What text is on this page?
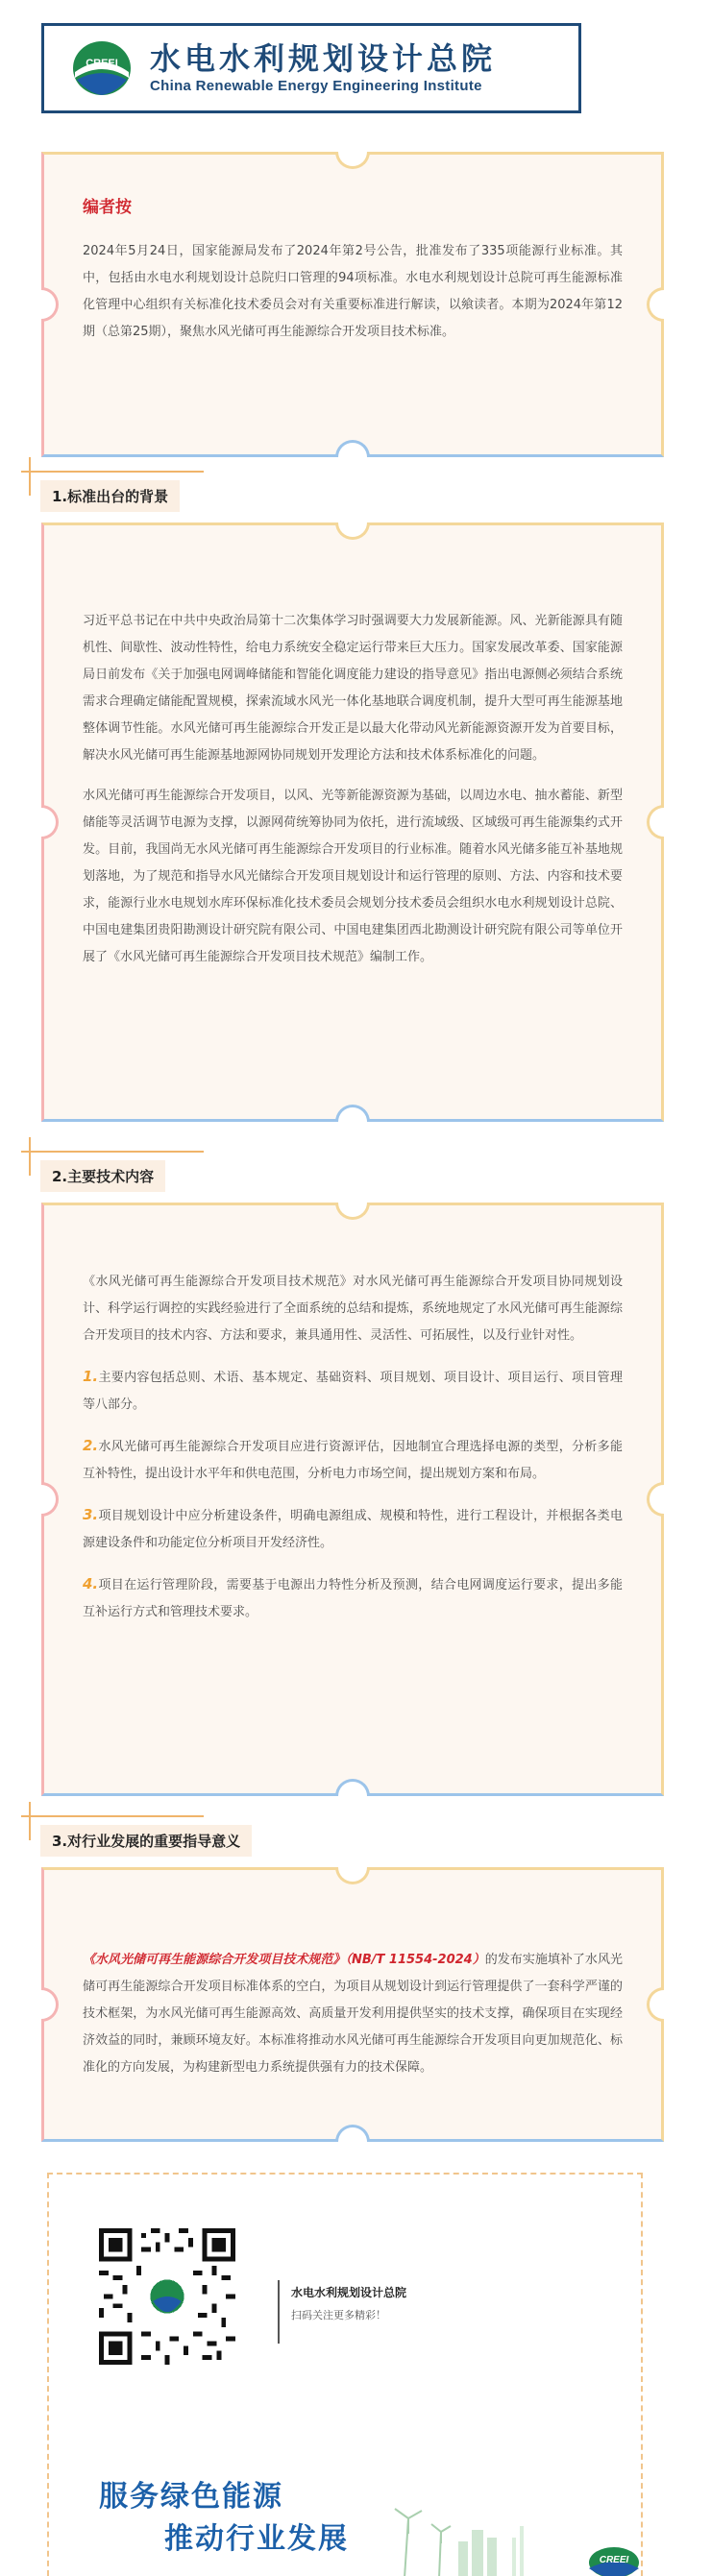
CREEI 水电水利规划设计总院
China Renewable Energy Engineering Institute
编者按

2024年5月24日，国家能源局发布了2024年第2号公告，批准发布了335项能源行业标准。其中，包括由水电水利规划设计总院归口管理的94项标准。水电水利规划设计总院可再生能源标准化管理中心组织有关标准化技术委员会对有关重要标准进行解读，以飨读者。本期为2024年第12期（总第25期），聚焦水风光储可再生能源综合开发项目技术标准。

1.标准出台的背景

习近平总书记在中共中央政治局第十二次集体学习时强调要大力发展新能源。风、光新能源具有随机性、间歇性、波动性特性，给电力系统安全稳定运行带来巨大压力。国家发展改革委、国家能源局日前发布《关于加强电网调峰储能和智能化调度能力建设的指导意见》指出电源侧必须结合系统需求合理确定储能配置规模，探索流域水风光一体化基地联合调度机制，提升大型可再生能源基地整体调节性能。水风光储可再生能源综合开发正是以最大化带动风光新能源资源开发为首要目标，解决水风光储可再生能源基地源网协同规划开发理论方法和技术体系标准化的问题。

水风光储可再生能源综合开发项目，以风、光等新能源资源为基础，以周边水电、抽水蓄能、新型储能等灵活调节电源为支撑，以源网荷统筹协同为依托，进行流域级、区域级可再生能源集约式开发。目前，我国尚无水风光储可再生能源综合开发项目的行业标准。随着水风光储多能互补基地规划落地，为了规范和指导水风光储综合开发项目规划设计和运行管理的原则、方法、内容和技术要求，能源行业水电规划水库环保标准化技术委员会规划分技术委员会组织水电水利规划设计总院、中国电建集团贵阳勘测设计研究院有限公司、中国电建集团西北勘测设计研究院有限公司等单位开展了《水风光储可再生能源综合开发项目技术规范》编制工作。

2.主要技术内容

《水风光储可再生能源综合开发项目技术规范》对水风光储可再生能源综合开发项目协同规划设计、科学运行调控的实践经验进行了全面系统的总结和提炼，系统地规定了水风光储可再生能源综合开发项目的技术内容、方法和要求，兼具通用性、灵活性、可拓展性，以及行业针对性。

1.主要内容包括总则、术语、基本规定、基础资料、项目规划、项目设计、项目运行、项目管理等八部分。

2.水风光储可再生能源综合开发项目应进行资源评估，因地制宜合理选择电源的类型，分析多能互补特性，提出设计水平年和供电范围，分析电力市场空间，提出规划方案和布局。

3.项目规划设计中应分析建设条件，明确电源组成、规模和特性，进行工程设计，并根据各类电源建设条件和功能定位分析项目开发经济性。

4.项目在运行管理阶段，需要基于电源出力特性分析及预测，结合电网调度运行要求，提出多能互补运行方式和管理技术要求。

3.对行业发展的重要指导意义

《水风光储可再生能源综合开发项目技术规范》（NB/T 11554-2024）的发布实施填补了水风光储可再生能源综合开发项目标准体系的空白，为项目从规划设计到运行管理提供了一套科学严谨的技术框架，为水风光储可再生能源高效、高质量开发利用提供坚实的技术支撑，确保项目在实现经济效益的同时，兼顾环境友好。本标准将推动水风光储可再生能源综合开发项目向更加规范化、标准化的方向发展，为构建新型电力系统提供强有力的技术保障。

水电水利规划设计总院
扫码关注更多精彩！
服务绿色能源
推动行业发展
CREEI
